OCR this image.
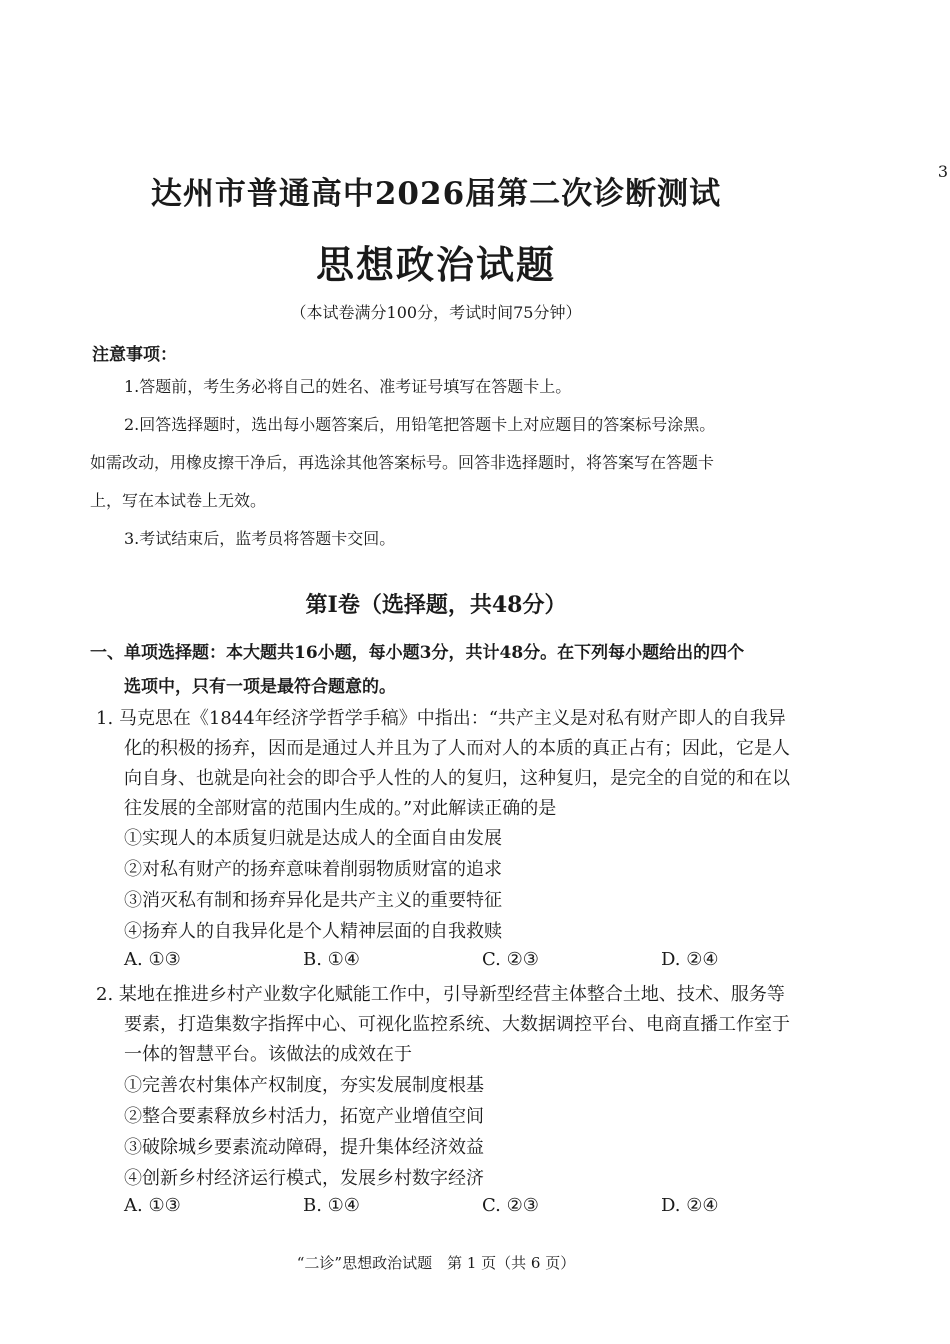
3
达州市普通高中2026届第二次诊断测试
思想政治试题
（本试卷满分100分，考试时间75分钟）
注意事项：
1.答题前，考生务必将自己的姓名、准考证号填写在答题卡上。
2.回答选择题时，选出每小题答案后，用铅笔把答题卡上对应题目的答案标号涂黑。
如需改动，用橡皮擦干净后，再选涂其他答案标号。回答非选择题时，将答案写在答题卡
上，写在本试卷上无效。
3.考试结束后，监考员将答题卡交回。
第Ⅰ卷（选择题，共48分）
一、单项选择题：本大题共16小题，每小题3分，共计48分。在下列每小题给出的四个
选项中，只有一项是最符合题意的。
1. 马克思在《1844年经济学哲学手稿》中指出：“共产主义是对私有财产即人的自我异
化的积极的扬弃，因而是通过人并且为了人而对人的本质的真正占有；因此，它是人
向自身、也就是向社会的即合乎人性的人的复归，这种复归，是完全的自觉的和在以
往发展的全部财富的范围内生成的。”对此解读正确的是
①实现人的本质复归就是达成人的全面自由发展
②对私有财产的扬弃意味着削弱物质财富的追求
③消灭私有制和扬弃异化是共产主义的重要特征
④扬弃人的自我异化是个人精神层面的自我救赎
A. ①③	B. ①④	C. ②③	D. ②④
2. 某地在推进乡村产业数字化赋能工作中，引导新型经营主体整合土地、技术、服务等
要素，打造集数字指挥中心、可视化监控系统、大数据调控平台、电商直播工作室于
一体的智慧平台。该做法的成效在于
①完善农村集体产权制度，夯实发展制度根基
②整合要素释放乡村活力，拓宽产业增值空间
③破除城乡要素流动障碍，提升集体经济效益
④创新乡村经济运行模式，发展乡村数字经济
A. ①③	B. ①④	C. ②③	D. ②④
“二诊”思想政治试题　第 1 页（共 6 页）
